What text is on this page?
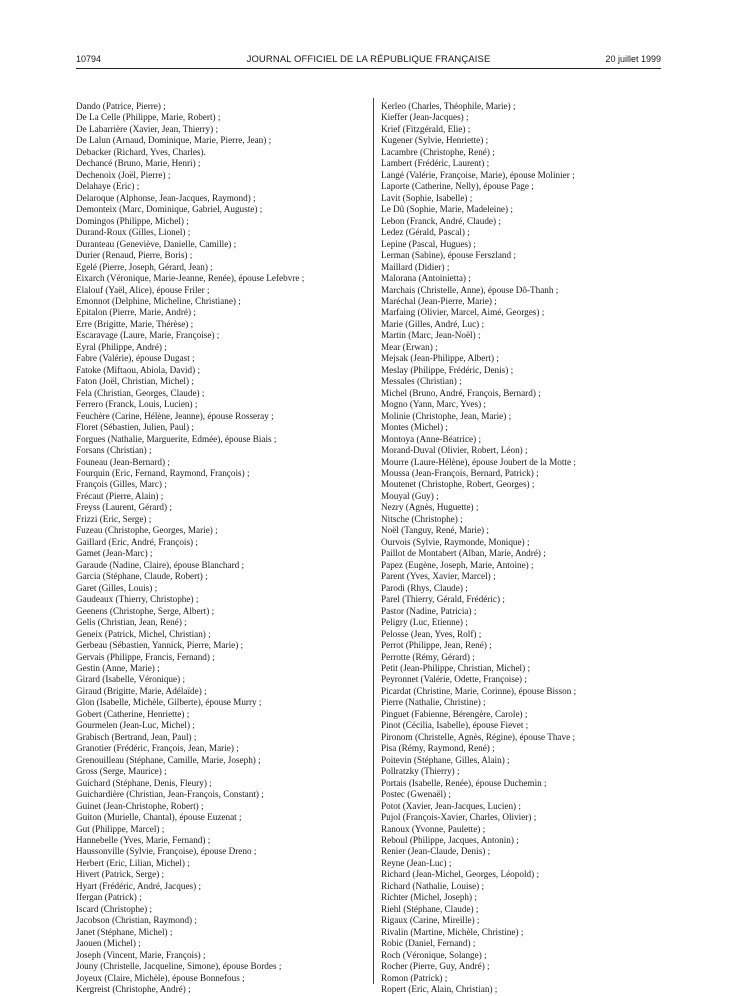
10794	JOURNAL OFFICIEL DE LA RÉPUBLIQUE FRANÇAISE	20 juillet 1999
Dando (Patrice, Pierre) ;
De La Celle (Philippe, Marie, Robert) ;
De Labarrière (Xavier, Jean, Thierry) ;
De Lalun (Arnaud, Dominique, Marie, Pierre, Jean) ;
Debacker (Richard, Yves, Charles).
Dechancé (Bruno, Marie, Henri) ;
Dechenoix (Joël, Pierre) ;
Delahaye (Eric) ;
Delaroque (Alphonse, Jean-Jacques, Raymond) ;
Demonteix (Marc, Dominique, Gabriel, Auguste) ;
Domingos (Philippe, Michel) ;
Durand-Roux (Gilles, Lionel) ;
Duranteau (Geneviève, Danielle, Camille) ;
Durier (Renaud, Pierre, Boris) ;
Egelé (Pierre, Joseph, Gérard, Jean) ;
Eixarch (Véronique, Marie-Jeanne, Renée), épouse Lefebvre ;
Elalouf (Yaël, Alice), épouse Friler ;
Emonnot (Delphine, Micheline, Christiane) ;
Epitalon (Pierre, Marie, André) ;
Erre (Brigitte, Marie, Thérèse) ;
Escaravage (Laure, Marie, Françoise) ;
Eyral (Philippe, André) ;
Fabre (Valérie), épouse Dugast ;
Fatoke (Miftaou, Abiola, David) ;
Faton (Joël, Christian, Michel) ;
Fela (Christian, Georges, Claude) ;
Ferrero (Franck, Louis, Lucien) ;
Feuchère (Carine, Hélène, Jeanne), épouse Rosseray ;
Floret (Sébastien, Julien, Paul) ;
Forgues (Nathalie, Marguerite, Edmée), épouse Biais ;
Forsans (Christian) ;
Founeau (Jean-Bernard) ;
Fourquin (Eric, Fernand, Raymond, François) ;
François (Gilles, Marc) ;
Frécaut (Pierre, Alain) ;
Freyss (Laurent, Gérard) ;
Frizzi (Eric, Serge) ;
Fuzeau (Christophe, Georges, Marie) ;
Gaillard (Eric, André, François) ;
Gamet (Jean-Marc) ;
Garaude (Nadine, Claire), épouse Blanchard ;
Garcia (Stéphane, Claude, Robert) ;
Garet (Gilles, Louis) ;
Gaudeaux (Thierry, Christophe) ;
Geenens (Christophe, Serge, Albert) ;
Gelis (Christian, Jean, René) ;
Geneix (Patrick, Michel, Christian) ;
Gerbeau (Sébastien, Yannick, Pierre, Marie) ;
Gervais (Philippe, Francis, Fernand) ;
Gestin (Anne, Marie) ;
Girard (Isabelle, Véronique) ;
Giraud (Brigitte, Marie, Adélaïde) ;
Glon (Isabelle, Michèle, Gilberte), épouse Murry ;
Gobert (Catherine, Henriette) ;
Gourmelen (Jean-Luc, Michel) ;
Grabisch (Bertrand, Jean, Paul) ;
Granotier (Frédéric, François, Jean, Marie) ;
Grenouilleau (Stéphane, Camille, Marie, Joseph) ;
Gross (Serge, Maurice) ;
Guichard (Stéphane, Denis, Fleury) ;
Guichardière (Christian, Jean-François, Constant) ;
Guinet (Jean-Christophe, Robert) ;
Guiton (Murielle, Chantal), épouse Euzenat ;
Gut (Philippe, Marcel) ;
Hannebelle (Yves, Marie, Fernand) ;
Haussonville (Sylvie, Françoise), épouse Dreno ;
Herbert (Eric, Lilian, Michel) ;
Hivert (Patrick, Serge) ;
Hyart (Frédéric, André, Jacques) ;
Ifergan (Patrick) ;
Iscard (Christophe) ;
Jacobson (Christian, Raymond) ;
Janet (Stéphane, Michel) ;
Jaouen (Michel) ;
Joseph (Vincent, Marie, François) ;
Jouny (Christelle, Jacqueline, Simone), épouse Bordes ;
Joyeux (Claire, Michèle), épouse Bonnefous ;
Kergreist (Christophe, André) ;
Kerleo (Charles, Théophile, Marie) ;
Kieffer (Jean-Jacques) ;
Krief (Fitzgérald, Elie) ;
Kugener (Sylvie, Henriette) ;
Lacambre (Christophe, René) ;
Lambert (Frédéric, Laurent) ;
Langé (Valérie, Françoise, Marie), épouse Molinier ;
Laporte (Catherine, Nelly), épouse Page ;
Lavit (Sophie, Isabelle) ;
Le Dû (Sophie, Marie, Madeleine) ;
Lebon (Franck, André, Claude) ;
Ledez (Gérald, Pascal) ;
Lepine (Pascal, Hugues) ;
Lerman (Sabine), épouse Ferszland ;
Maillard (Didier) ;
Malorana (Antoinietta) ;
Marchais (Christelle, Anne), épouse Dô-Thanh ;
Maréchal (Jean-Pierre, Marie) ;
Marfaing (Olivier, Marcel, Aimé, Georges) ;
Marie (Gilles, André, Luc) ;
Martin (Marc, Jean-Noël) ;
Mear (Erwan) ;
Mejsak (Jean-Philippe, Albert) ;
Meslay (Philippe, Frédéric, Denis) ;
Messales (Christian) ;
Michel (Bruno, André, François, Bernard) ;
Mogno (Yann, Marc, Yves) ;
Molinie (Christophe, Jean, Marie) ;
Montes (Michel) ;
Montoya (Anne-Béatrice) ;
Morand-Duval (Olivier, Robert, Léon) ;
Mourre (Laure-Hélène), épouse Joubert de la Motte ;
Moussa (Jean-François, Bernard, Patrick) ;
Moutenet (Christophe, Robert, Georges) ;
Mouyal (Guy) ;
Nezry (Agnès, Huguette) ;
Nitsche (Christophe) ;
Noël (Tanguy, René, Marie) ;
Ourvois (Sylvie, Raymonde, Monique) ;
Paillot de Montabert (Alban, Marie, André) ;
Papez (Eugène, Joseph, Marie, Antoine) ;
Parent (Yves, Xavier, Marcel) ;
Parodi (Rhys, Claude) ;
Parel (Thierry, Gérald, Frédéric) ;
Pastor (Nadine, Patricia) ;
Peligry (Luc, Etienne) ;
Pelosse (Jean, Yves, Rolf) ;
Perrot (Philippe, Jean, René) ;
Perrotte (Rémy, Gérard) ;
Petit (Jean-Philippe, Christian, Michel) ;
Peyronnet (Valérie, Odette, Françoise) ;
Picardat (Christine, Marie, Corinne), épouse Bisson ;
Pierre (Nathalie, Christine) ;
Pinguet (Fabienne, Bérengère, Carole) ;
Pinot (Cécilia, Isabelle), épouse Fievet ;
Pironom (Christelle, Agnès, Régine), épouse Thave ;
Pisa (Rémy, Raymond, René) ;
Poitevin (Stéphane, Gilles, Alain) ;
Pollratzky (Thierry) ;
Portais (Isabelle, Renée), épouse Duchemin ;
Postec (Gwenaël) ;
Potot (Xavier, Jean-Jacques, Lucien) ;
Pujol (François-Xavier, Charles, Olivier) ;
Ranoux (Yvonne, Paulette) ;
Reboul (Philippe, Jacques, Antonin) ;
Renier (Jean-Claude, Denis) ;
Reyne (Jean-Luc) ;
Richard (Jean-Michel, Georges, Léopold) ;
Richard (Nathalie, Louise) ;
Richter (Michel, Joseph) ;
Riehl (Stéphane, Claude) ;
Rigaux (Carine, Mireille) ;
Rivalin (Martine, Michèle, Christine) ;
Robic (Daniel, Fernand) ;
Roch (Véronique, Solange) ;
Rocher (Pierre, Guy, André) ;
Romon (Patrick) ;
Ropert (Eric, Alain, Christian) ;
